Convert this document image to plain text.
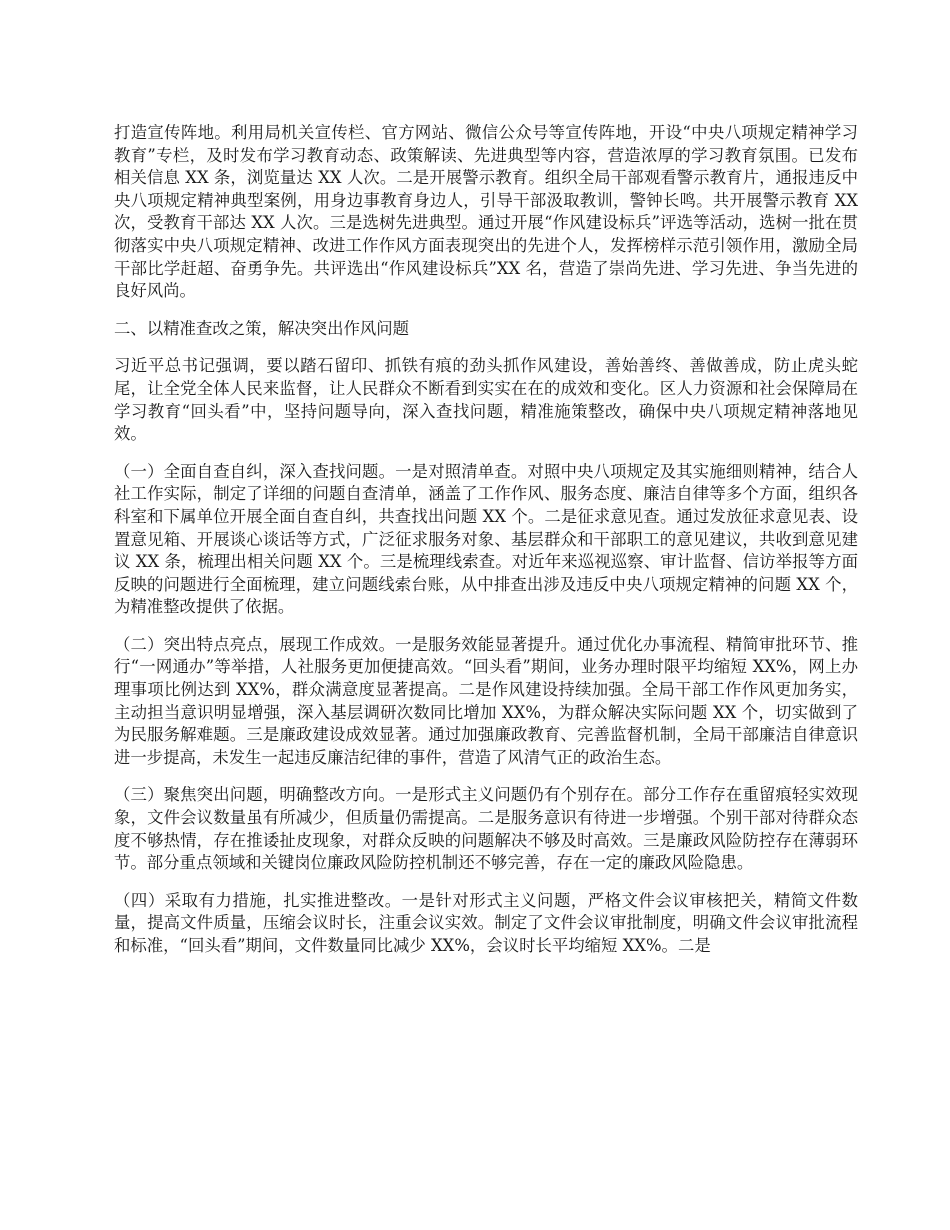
打造宣传阵地。利用局机关宣传栏、官方网站、微信公众号等宣传阵地，开设“中央八项规定精神学习教育”专栏，及时发布学习教育动态、政策解读、先进典型等内容，营造浓厚的学习教育氛围。已发布相关信息 XX 条，浏览量达 XX 人次。二是开展警示教育。组织全局干部观看警示教育片，通报违反中央八项规定精神典型案例，用身边事教育身边人，引导干部汲取教训，警钟长鸣。共开展警示教育 XX 次，受教育干部达 XX 人次。三是选树先进典型。通过开展“作风建设标兵”评选等活动，选树一批在贯彻落实中央八项规定精神、改进工作作风方面表现突出的先进个人，发挥榜样示范引领作用，激励全局干部比学赶超、奋勇争先。共评选出“作风建设标兵”XX 名，营造了崇尚先进、学习先进、争当先进的良好风尚。

二、以精准查改之策，解决突出作风问题

习近平总书记强调，要以踏石留印、抓铁有痕的劲头抓作风建设，善始善终、善做善成，防止虎头蛇尾，让全党全体人民来监督，让人民群众不断看到实实在在的成效和变化。区人力资源和社会保障局在学习教育“回头看”中，坚持问题导向，深入查找问题，精准施策整改，确保中央八项规定精神落地见效。

（一）全面自查自纠，深入查找问题。一是对照清单查。对照中央八项规定及其实施细则精神，结合人社工作实际，制定了详细的问题自查清单，涵盖了工作作风、服务态度、廉洁自律等多个方面，组织各科室和下属单位开展全面自查自纠，共查找出问题 XX 个。二是征求意见查。通过发放征求意见表、设置意见箱、开展谈心谈话等方式，广泛征求服务对象、基层群众和干部职工的意见建议，共收到意见建议 XX 条，梳理出相关问题 XX 个。三是梳理线索查。对近年来巡视巡察、审计监督、信访举报等方面反映的问题进行全面梳理，建立问题线索台账，从中排查出涉及违反中央八项规定精神的问题 XX 个，为精准整改提供了依据。

（二）突出特点亮点，展现工作成效。一是服务效能显著提升。通过优化办事流程、精简审批环节、推行“一网通办”等举措，人社服务更加便捷高效。“回头看”期间，业务办理时限平均缩短 XX%，网上办理事项比例达到 XX%，群众满意度显著提高。二是作风建设持续加强。全局干部工作作风更加务实，主动担当意识明显增强，深入基层调研次数同比增加 XX%，为群众解决实际问题 XX 个，切实做到了为民服务解难题。三是廉政建设成效显著。通过加强廉政教育、完善监督机制，全局干部廉洁自律意识进一步提高，未发生一起违反廉洁纪律的事件，营造了风清气正的政治生态。

（三）聚焦突出问题，明确整改方向。一是形式主义问题仍有个别存在。部分工作存在重留痕轻实效现象，文件会议数量虽有所减少，但质量仍需提高。二是服务意识有待进一步增强。个别干部对待群众态度不够热情，存在推诿扯皮现象，对群众反映的问题解决不够及时高效。三是廉政风险防控存在薄弱环节。部分重点领域和关键岗位廉政风险防控机制还不够完善，存在一定的廉政风险隐患。

（四）采取有力措施，扎实推进整改。一是针对形式主义问题，严格文件会议审核把关，精简文件数量，提高文件质量，压缩会议时长，注重会议实效。制定了文件会议审批制度，明确文件会议审批流程和标准，“回头看”期间，文件数量同比减少 XX%，会议时长平均缩短 XX%。二是
